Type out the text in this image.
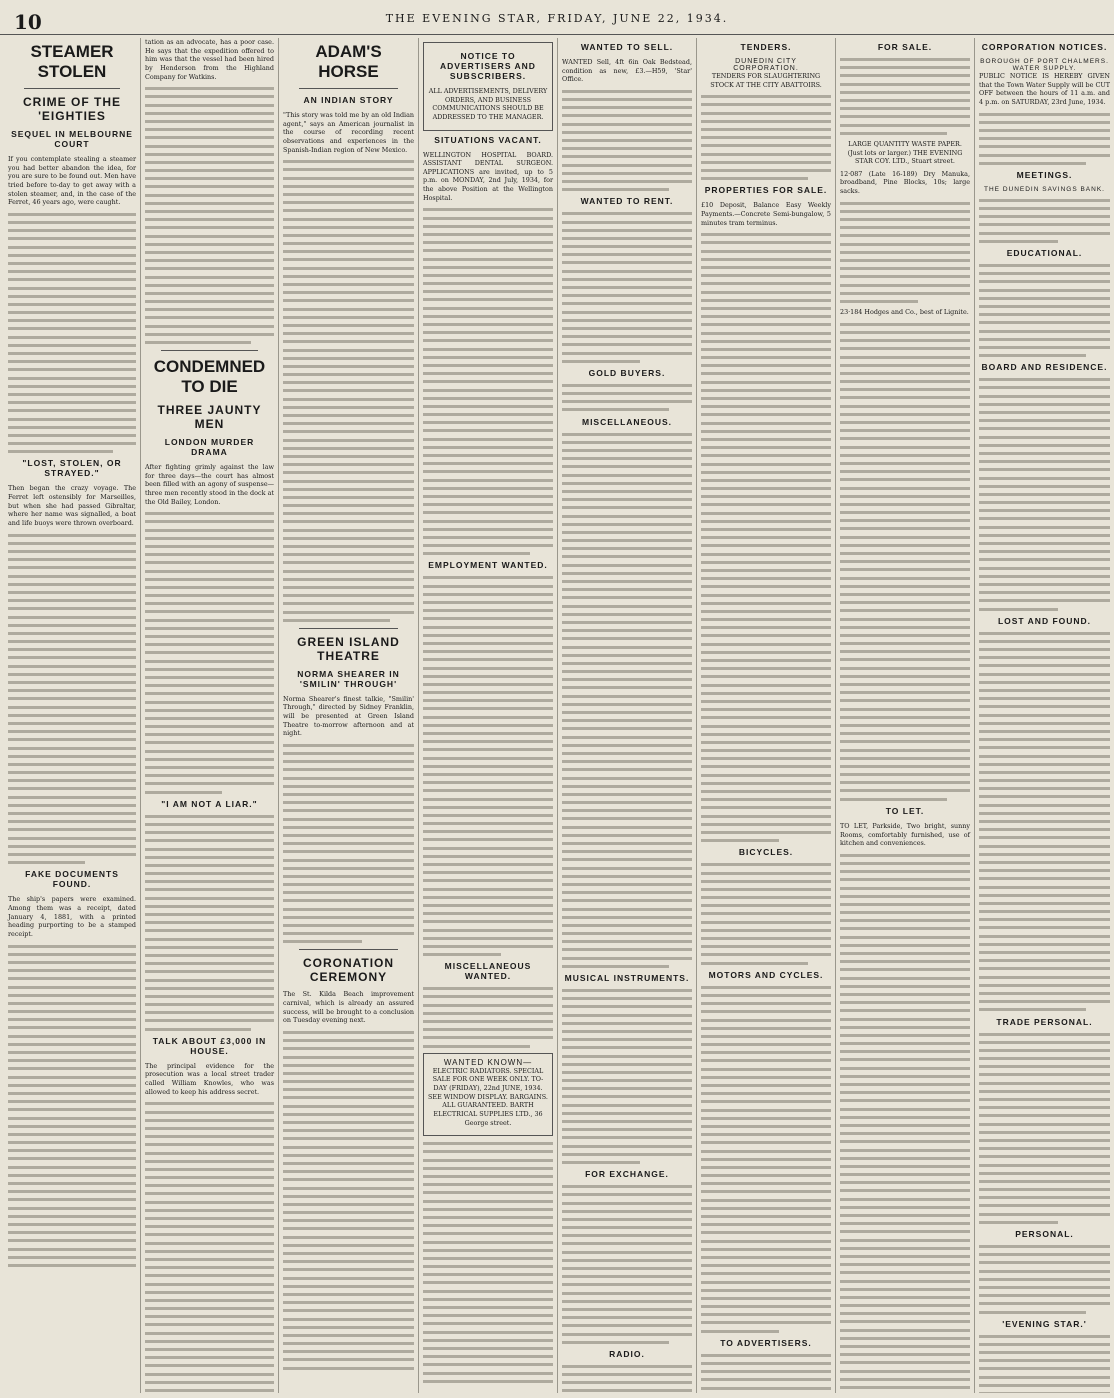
10	THE EVENING STAR, FRIDAY, JUNE 22, 1934.
STEAMER STOLEN
CRIME OF THE 'EIGHTIES
SEQUEL IN MELBOURNE COURT

If you contemplate stealing a steamer you had better abandon the idea, for you are sure to be found out. Men have tried before to-day to get away with a stolen steamer, and, in the case of the Ferret, 46 years ago, were caught.

"LOST, STOLEN, OR STRAYED."

Then began the crazy voyage. The Ferret left ostensibly for Marseilles, but when she had passed Gibraltar, where her name was signalled, a boat and life buoys were thrown overboard.

FAKE DOCUMENTS FOUND.

The ship's papers were examined. Among them was a receipt, dated January 4, 1881, with a printed heading purporting to be a stamped receipt.

tation as an advocate, has a poor case. He says that the expedition offered to him was that the vessel had been hired by Henderson from the Highland Company for Watkins.

CONDEMNED TO DIE
THREE JAUNTY MEN
LONDON MURDER DRAMA

After fighting grimly against the law for three days—the court has almost been filled with an agony of suspense—three men recently stood in the dock at the Old Bailey, London.

"I AM NOT A LIAR."
TALK ABOUT £3,000 IN HOUSE.

The principal evidence for the prosecution was a local street trader called William Knowles, who was allowed to keep his address secret.

ADAM'S HORSE
AN INDIAN STORY

"This story was told me by an old Indian agent," says an American journalist in the course of recording recent observations and experiences in the Spanish-Indian region of New Mexico.

GREEN ISLAND THEATRE
NORMA SHEARER IN 'SMILIN' THROUGH'

Norma Shearer's finest talkie, "Smilin' Through," directed by Sidney Franklin, will be presented at Green Island Theatre to-morrow afternoon and at night.

CORONATION CEREMONY

The St. Kilda Beach improvement carnival, which is already an assured success, will be brought to a conclusion on Tuesday evening next.

NOTICE TO ADVERTISERS AND SUBSCRIBERS.

ALL ADVERTISEMENTS, DELIVERY ORDERS, AND BUSINESS COMMUNICATIONS SHOULD BE ADDRESSED TO THE MANAGER.

SITUATIONS VACANT.

WELLINGTON HOSPITAL BOARD. ASSISTANT DENTAL SURGEON. APPLICATIONS are invited, up to 5 p.m. on MONDAY, 2nd July, 1934, for the above Position at the Wellington Hospital.

EMPLOYMENT WANTED.
MISCELLANEOUS WANTED.
WANTED KNOWN—

ELECTRIC RADIATORS. SPECIAL SALE FOR ONE WEEK ONLY. TO-DAY (FRIDAY), 22nd JUNE, 1934. SEE WINDOW DISPLAY. BARGAINS. ALL GUARANTEED. BARTH ELECTRICAL SUPPLIES LTD., 36 George street.

WANTED TO SELL.

WANTED Sell, 4ft 6in Oak Bedstead, condition as new, £3.—H59, 'Star' Office.

WANTED TO RENT.
GOLD BUYERS.
MISCELLANEOUS.
MUSICAL INSTRUMENTS.
FOR EXCHANGE.
RADIO.
TENDERS.
DUNEDIN CITY CORPORATION.

TENDERS FOR SLAUGHTERING STOCK AT THE CITY ABATTOIRS.

PROPERTIES FOR SALE.

£10 Deposit, Balance Easy Weekly Payments.—Concrete Semi-bungalow, 5 minutes tram terminus.

BICYCLES.
MOTORS AND CYCLES.
TO ADVERTISERS.
FOR SALE.

LARGE QUANTITY WASTE PAPER. (Just lots or larger.) THE EVENING STAR COY. LTD., Stuart street.

12·087 (Late 16-189) Dry Manuka, broadband, Pine Blocks, 10s; large sacks.

23·184 Hodges and Co., best of Lignite.

TO LET.

TO LET, Parkside, Two bright, sunny Rooms, comfortably furnished, use of kitchen and conveniences.

CORPORATION NOTICES.
BOROUGH OF PORT CHALMERS.
WATER SUPPLY.

PUBLIC NOTICE IS HEREBY GIVEN that the Town Water Supply will be CUT OFF between the hours of 11 a.m. and 4 p.m. on SATURDAY, 23rd June, 1934.

MEETINGS.
THE DUNEDIN SAVINGS BANK.
EDUCATIONAL.
BOARD AND RESIDENCE.
LOST AND FOUND.
TRADE PERSONAL.
PERSONAL.
'EVENING STAR.'
